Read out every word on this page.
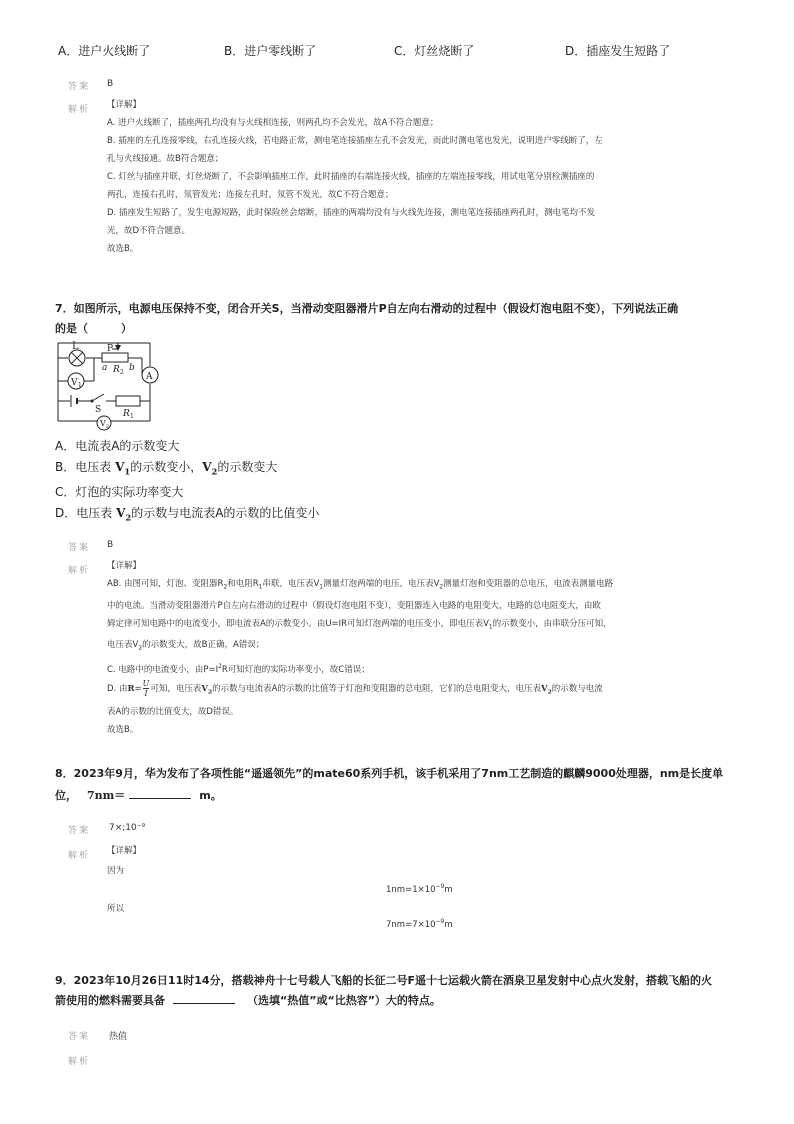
A．进户火线断了	B．进户零线断了	C．灯丝烧断了	D．插座发生短路了
答案 B
解析 【详解】
A. 进户火线断了，插座两孔均没有与火线相连接，则两孔均不会发光，故A不符合题意；
B. 插座的左孔连接零线，右孔连接火线，若电路正常，测电笔连接插座左孔不会发光，而此时测电笔也发光，说明进户零线断了，左
孔与火线接通。故B符合题意；
C. 灯丝与插座并联，灯丝烧断了，不会影响插座工作，此时插座的右端连接火线，插座的左端连接零线，用试电笔分别检测插座的
两孔，连接右孔时，氖管发光；连接左孔时，氖管不发光，故C不符合题意；
D. 插座发生短路了，发生电源短路，此时保险丝会熔断，插座的两端均没有与火线先连接，测电笔连接插座两孔时，测电笔均不发
光，故D不符合题意。
故选B。
7．如图所示，电源电压保持不变，闭合开关S，当滑动变阻器滑片P自左向右滑动的过程中（假设灯泡电阻不变），下列说法正确
的是（　　　）
L	P
a R 2 b
V 1
A
S R 1
V 2
A．电流表A的示数变大
B．电压表 $V_1$的示数变小，$V_2$的示数变大
C．灯泡的实际功率变大
D．电压表 $V_2$的示数与电流表A的示数的比值变小
答案 B
解析 【详解】
AB. 由图可知，灯泡、变阻器$R_2$和电阻$R_1$串联，电压表$V_1$测量灯泡两端的电压，电压表$V_2$测量灯泡和变阻器的总电压，电流表测量电路
中的电流。当滑动变阻器滑片P自左向右滑动的过程中（假设灯泡电阻不变），变阻器连入电路的电阻变大，电路的总电阻变大，由欧
姆定律可知电路中的电流变小，即电流表A的示数变小。由U=IR可知灯泡两端的电压变小，即电压表$V_1$的示数变小，由串联分压可知，
电压表$V_2$的示数变大，故B正确，A错误；
C. 电路中的电流变小，由$P=I^2R$可知灯泡的实际功率变小，故C错误；
D. 由$R= \frac{U}{I}$ 可知，电压表$V_2$的示数与电流表A的示数的比值等于灯泡和变阻器的总电阻，它们的总电阻变大，电压表$V_2$的示数与电流
表A的示数的比值变大，故D错误。
故选B。
8．2023年9月，华为发布了各项性能“遥遥领先”的mate60系列手机，该手机采用了7nm工艺制造的麒麟9000处理器，nm是长度单
位， 7nm＝	m。
答案 7×;10⁻⁹
解析 【详解】
因为
$1nm=1\times 10^{-9}m$
所以
$7nm=7\times 10^{-9}m$
9．2023年10月26日11时14分，搭载神舟十七号载人飞船的长征二号F遥十七运载火箭在酒泉卫星发射中心点火发射，搭载飞船的火
箭使用的燃料需要具备	（选填“热值”或“比热容”）大的特点。
答案 热值
解析
